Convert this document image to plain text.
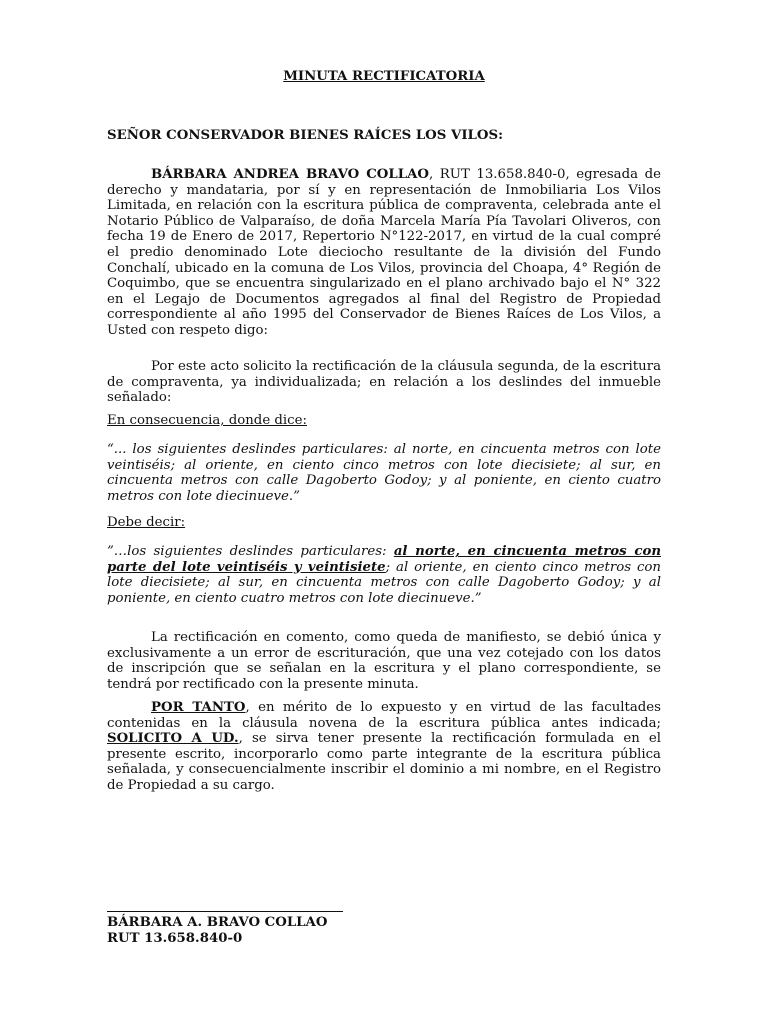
MINUTA RECTIFICATORIA
SEÑOR CONSERVADOR BIENES RAÍCES LOS VILOS:
BÁRBARA ANDREA BRAVO COLLAO, RUT 13.658.840-0, egresada de derecho y mandataria, por sí y en representación de Inmobiliaria Los Vilos Limitada, en relación con la escritura pública de compraventa, celebrada ante el Notario Público de Valparaíso, de doña Marcela María Pía Tavolari Oliveros, con fecha 19 de Enero de 2017, Repertorio N°122-2017, en virtud de la cual compré el predio denominado Lote dieciocho resultante de la división del Fundo Conchalí, ubicado en la comuna de Los Vilos, provincia del Choapa, 4° Región de Coquimbo, que se encuentra singularizado en el plano archivado bajo el N° 322 en el Legajo de Documentos agregados al final del Registro de Propiedad correspondiente al año 1995 del Conservador de Bienes Raíces de Los Vilos, a Usted con respeto digo:
Por este acto solicito la rectificación de la cláusula segunda, de la escritura de compraventa, ya individualizada; en relación a los deslindes del inmueble señalado:
En consecuencia, donde dice:
“... los siguientes deslindes particulares: al norte, en cincuenta metros con lote veintiséis; al oriente, en ciento cinco metros con lote diecisiete; al sur, en cincuenta metros con calle Dagoberto Godoy; y al poniente, en ciento cuatro metros con lote diecinueve.”
Debe decir:
”…los siguientes deslindes particulares: al norte, en cincuenta metros con parte del lote veintiséis y veintisiete; al oriente, en ciento cinco metros con lote diecisiete; al sur, en cincuenta metros con calle Dagoberto Godoy; y al poniente, en ciento cuatro metros con lote diecinueve.”
La rectificación en comento, como queda de manifiesto, se debió única y exclusivamente a un error de escrituración, que una vez cotejado con los datos de inscripción que se señalan en la escritura y el plano correspondiente, se tendrá por rectificado con la presente minuta.
POR TANTO, en mérito de lo expuesto y en virtud de las facultades contenidas en la cláusula novena de la escritura pública antes indicada; SOLICITO A UD., se sirva tener presente la rectificación formulada en el presente escrito, incorporarlo como parte integrante de la escritura pública señalada, y consecuencialmente inscribir el dominio a mi nombre, en el Registro de Propiedad a su cargo.
BÁRBARA A. BRAVO COLLAO
RUT 13.658.840-0
